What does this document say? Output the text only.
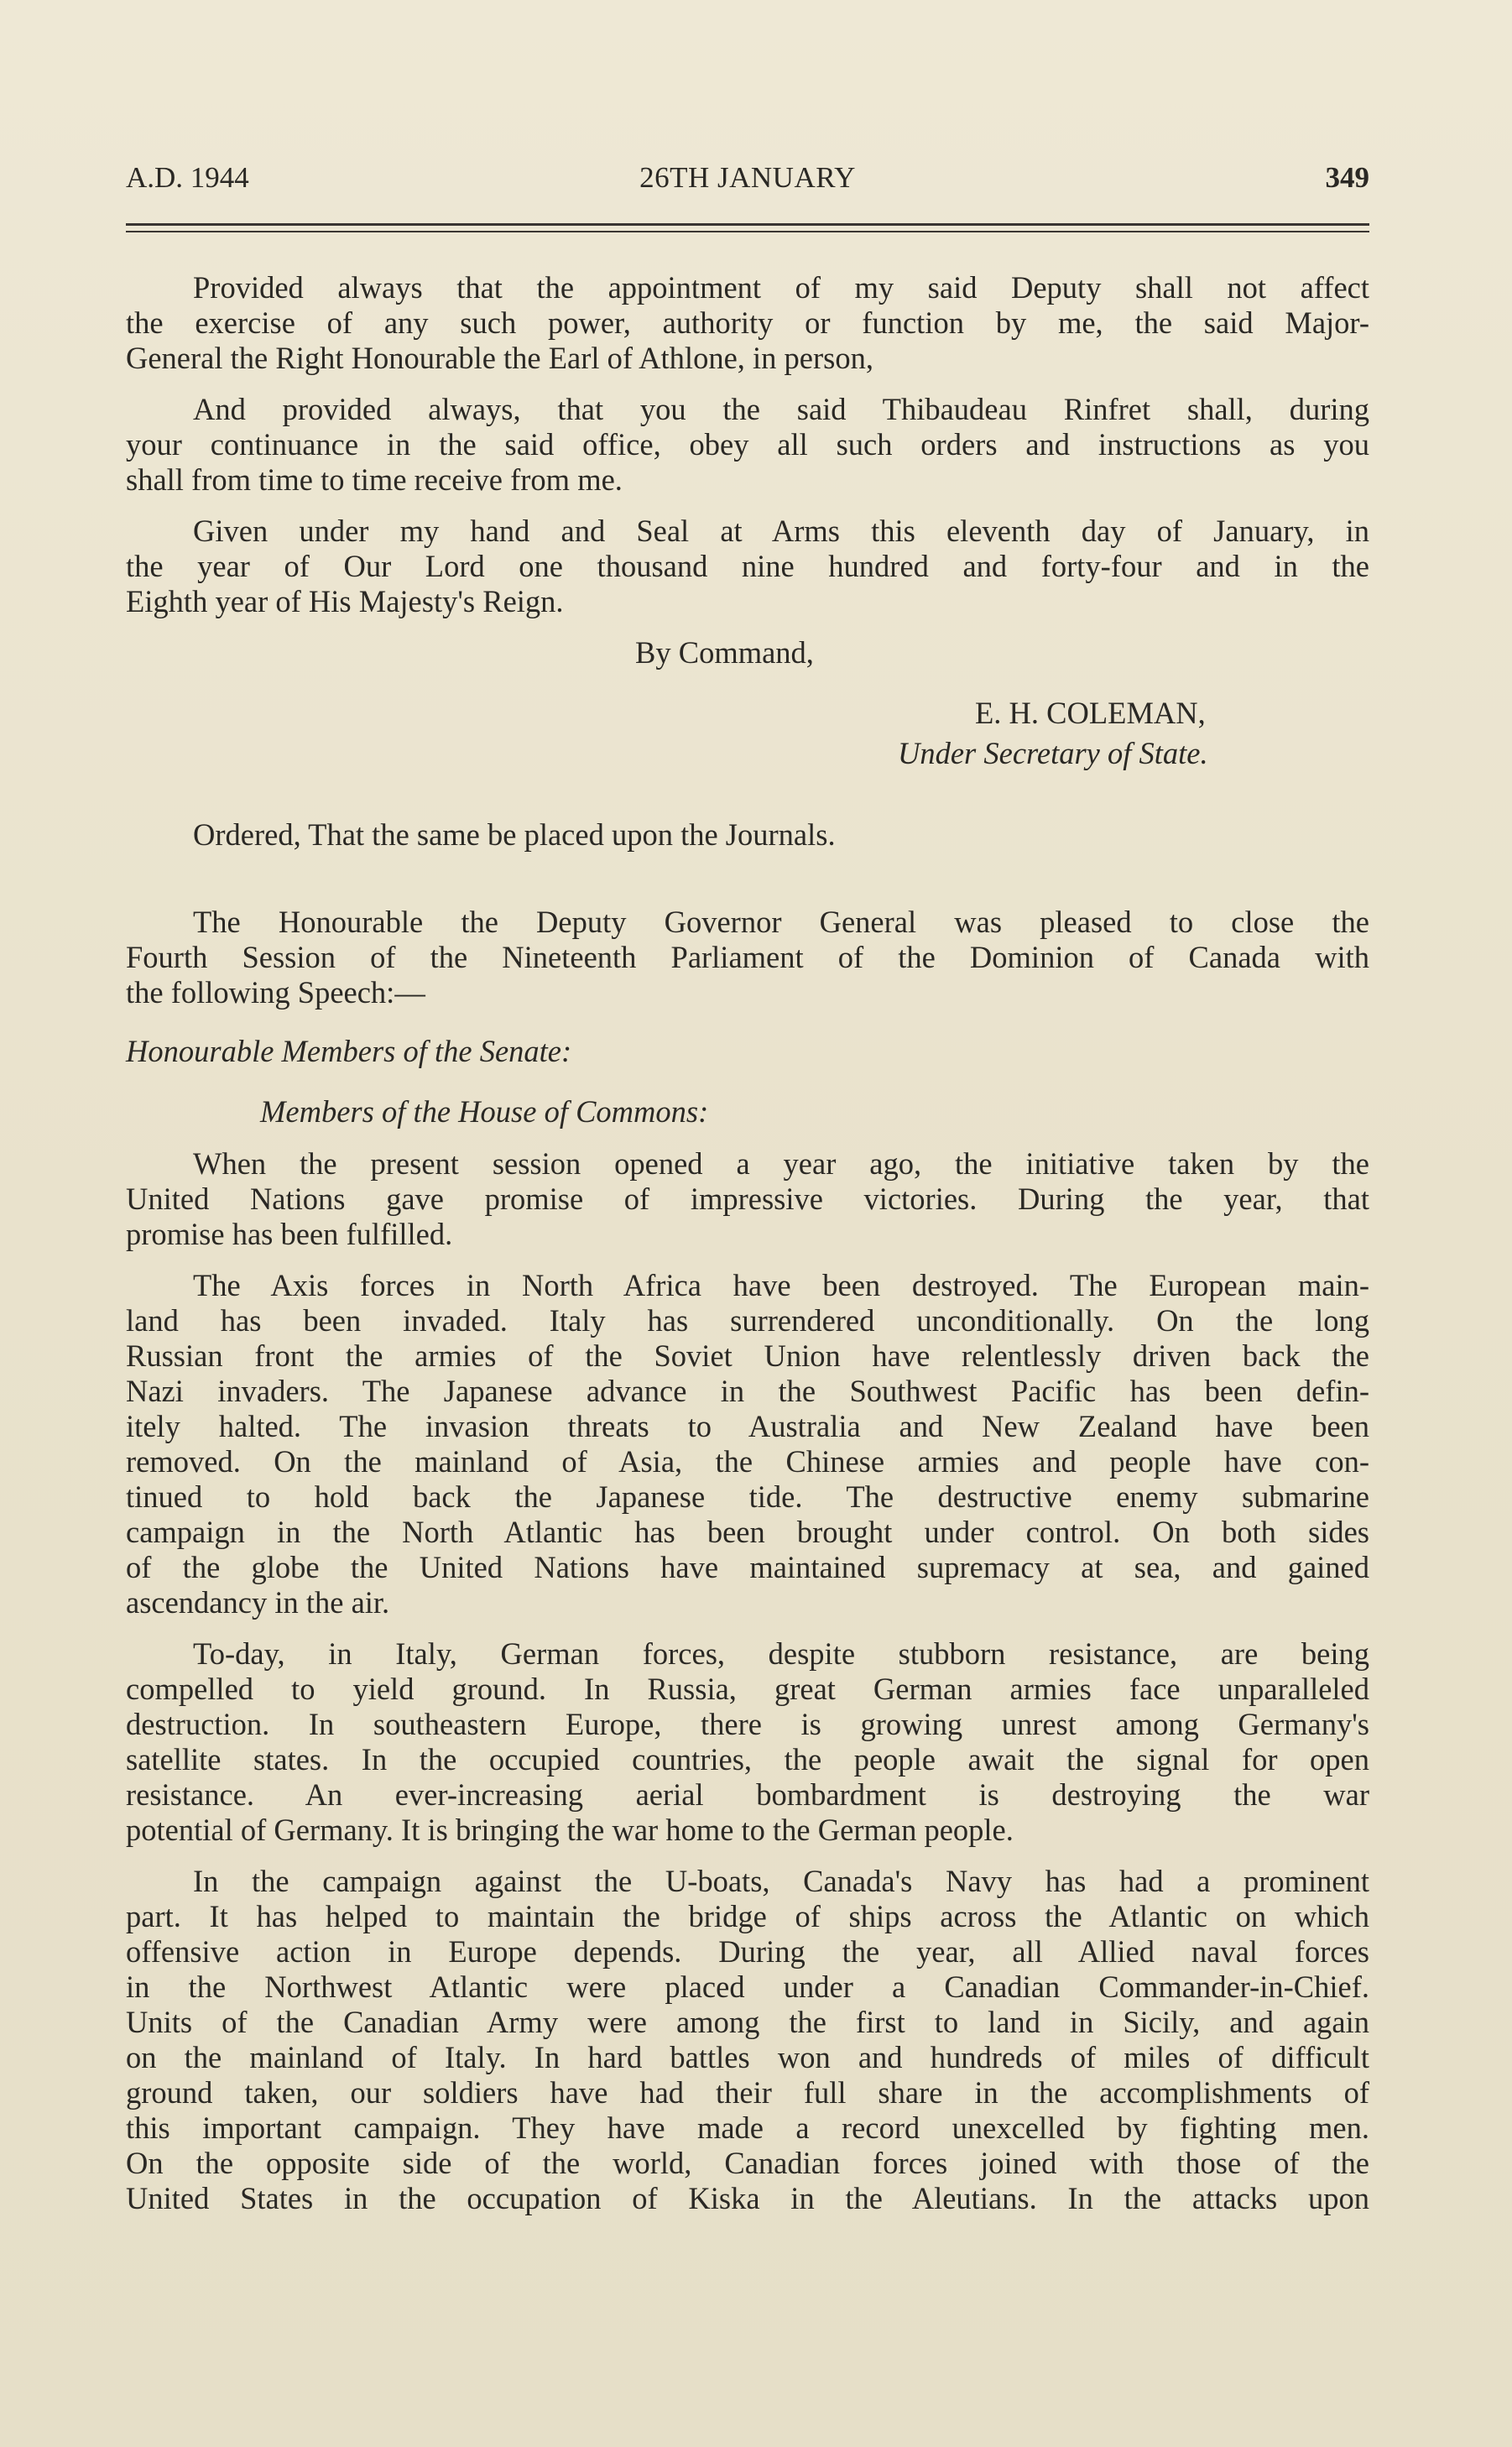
A.D. 1944	26TH JANUARY	349
Provided always that the appointment of my said Deputy shall not affect
the exercise of any such power, authority or function by me, the said Major-
General the Right Honourable the Earl of Athlone, in person,
And provided always, that you the said Thibaudeau Rinfret shall, during
your continuance in the said office, obey all such orders and instructions as you
shall from time to time receive from me.
Given under my hand and Seal at Arms this eleventh day of January, in
the year of Our Lord one thousand nine hundred and forty-four and in the
Eighth year of His Majesty's Reign.

By Command,

E. H. COLEMAN,

Under Secretary of State.

Ordered, That the same be placed upon the Journals.

The Honourable the Deputy Governor General was pleased to close the
Fourth Session of the Nineteenth Parliament of the Dominion of Canada with
the following Speech:—

Honourable Members of the Senate:

Members of the House of Commons:

When the present session opened a year ago, the initiative taken by the
United Nations gave promise of impressive victories. During the year, that
promise has been fulfilled.
The Axis forces in North Africa have been destroyed. The European main-
land has been invaded. Italy has surrendered unconditionally. On the long
Russian front the armies of the Soviet Union have relentlessly driven back the
Nazi invaders. The Japanese advance in the Southwest Pacific has been defin-
itely halted. The invasion threats to Australia and New Zealand have been
removed. On the mainland of Asia, the Chinese armies and people have con-
tinued to hold back the Japanese tide. The destructive enemy submarine
campaign in the North Atlantic has been brought under control. On both sides
of the globe the United Nations have maintained supremacy at sea, and gained
ascendancy in the air.
To-day, in Italy, German forces, despite stubborn resistance, are being
compelled to yield ground. In Russia, great German armies face unparalleled
destruction. In southeastern Europe, there is growing unrest among Germany's
satellite states. In the occupied countries, the people await the signal for open
resistance. An ever-increasing aerial bombardment is destroying the war
potential of Germany. It is bringing the war home to the German people.
In the campaign against the U-boats, Canada's Navy has had a prominent
part. It has helped to maintain the bridge of ships across the Atlantic on which
offensive action in Europe depends. During the year, all Allied naval forces
in the Northwest Atlantic were placed under a Canadian Commander-in-Chief.
Units of the Canadian Army were among the first to land in Sicily, and again
on the mainland of Italy. In hard battles won and hundreds of miles of difficult
ground taken, our soldiers have had their full share in the accomplishments of
this important campaign. They have made a record unexcelled by fighting men.
On the opposite side of the world, Canadian forces joined with those of the
United States in the occupation of Kiska in the Aleutians. In the attacks upon
